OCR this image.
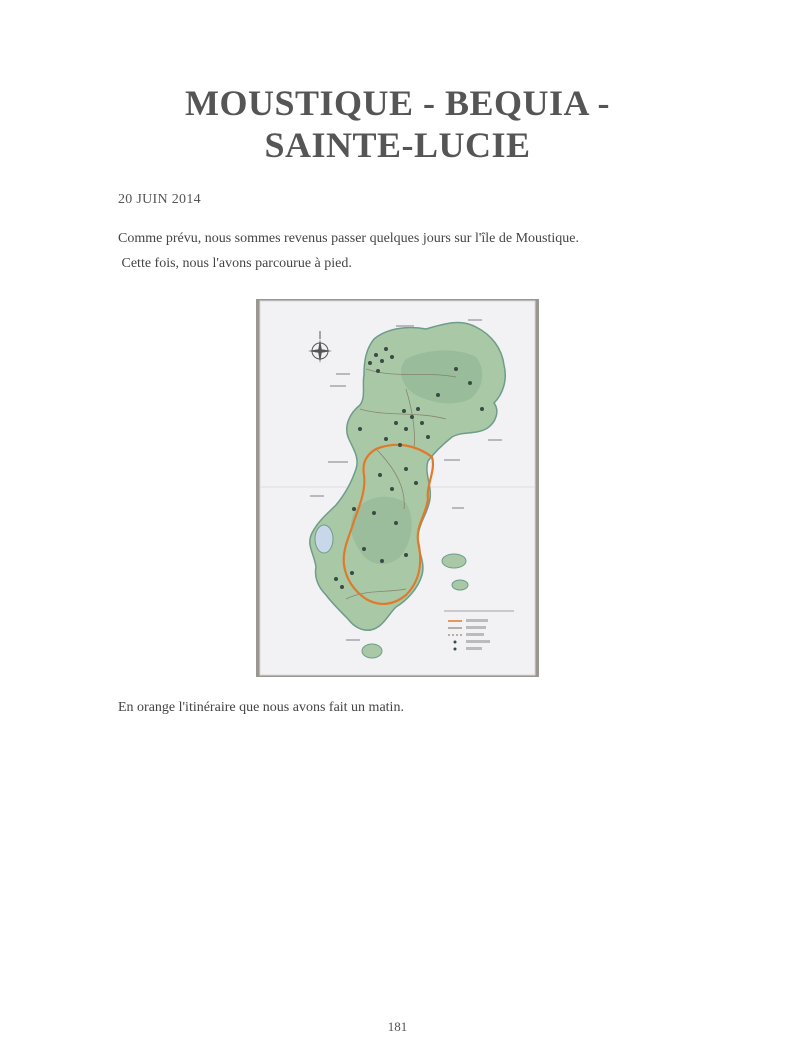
MOUSTIQUE - BEQUIA -
SAINTE-LUCIE
20 JUIN 2014
Comme prévu, nous sommes revenus passer quelques jours sur l'île de Moustique.
Cette fois, nous l'avons parcourue à pied.
En orange l'itinéraire que nous avons fait un matin.
181
